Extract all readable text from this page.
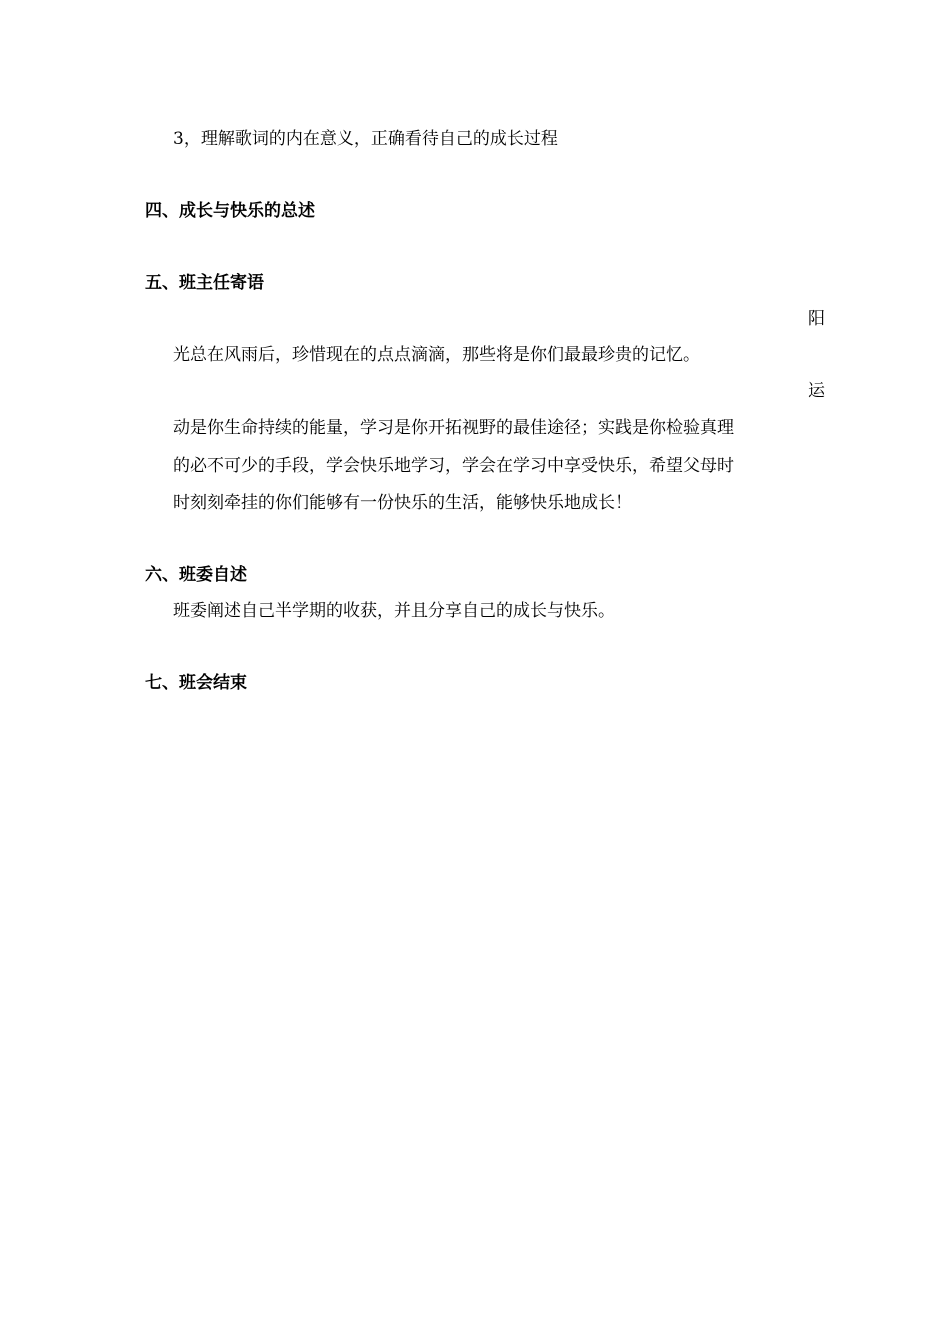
3，理解歌词的内在意义，正确看待自己的成长过程
四、成长与快乐的总述
五、班主任寄语
阳
光总在风雨后，珍惜现在的点点滴滴，那些将是你们最最珍贵的记忆。
运
动是你生命持续的能量，学习是你开拓视野的最佳途径；实践是你检验真理
的必不可少的手段，学会快乐地学习，学会在学习中享受快乐，希望父母时
时刻刻牵挂的你们能够有一份快乐的生活，能够快乐地成长！
六、班委自述
班委阐述自己半学期的收获，并且分享自己的成长与快乐。
七、班会结束
